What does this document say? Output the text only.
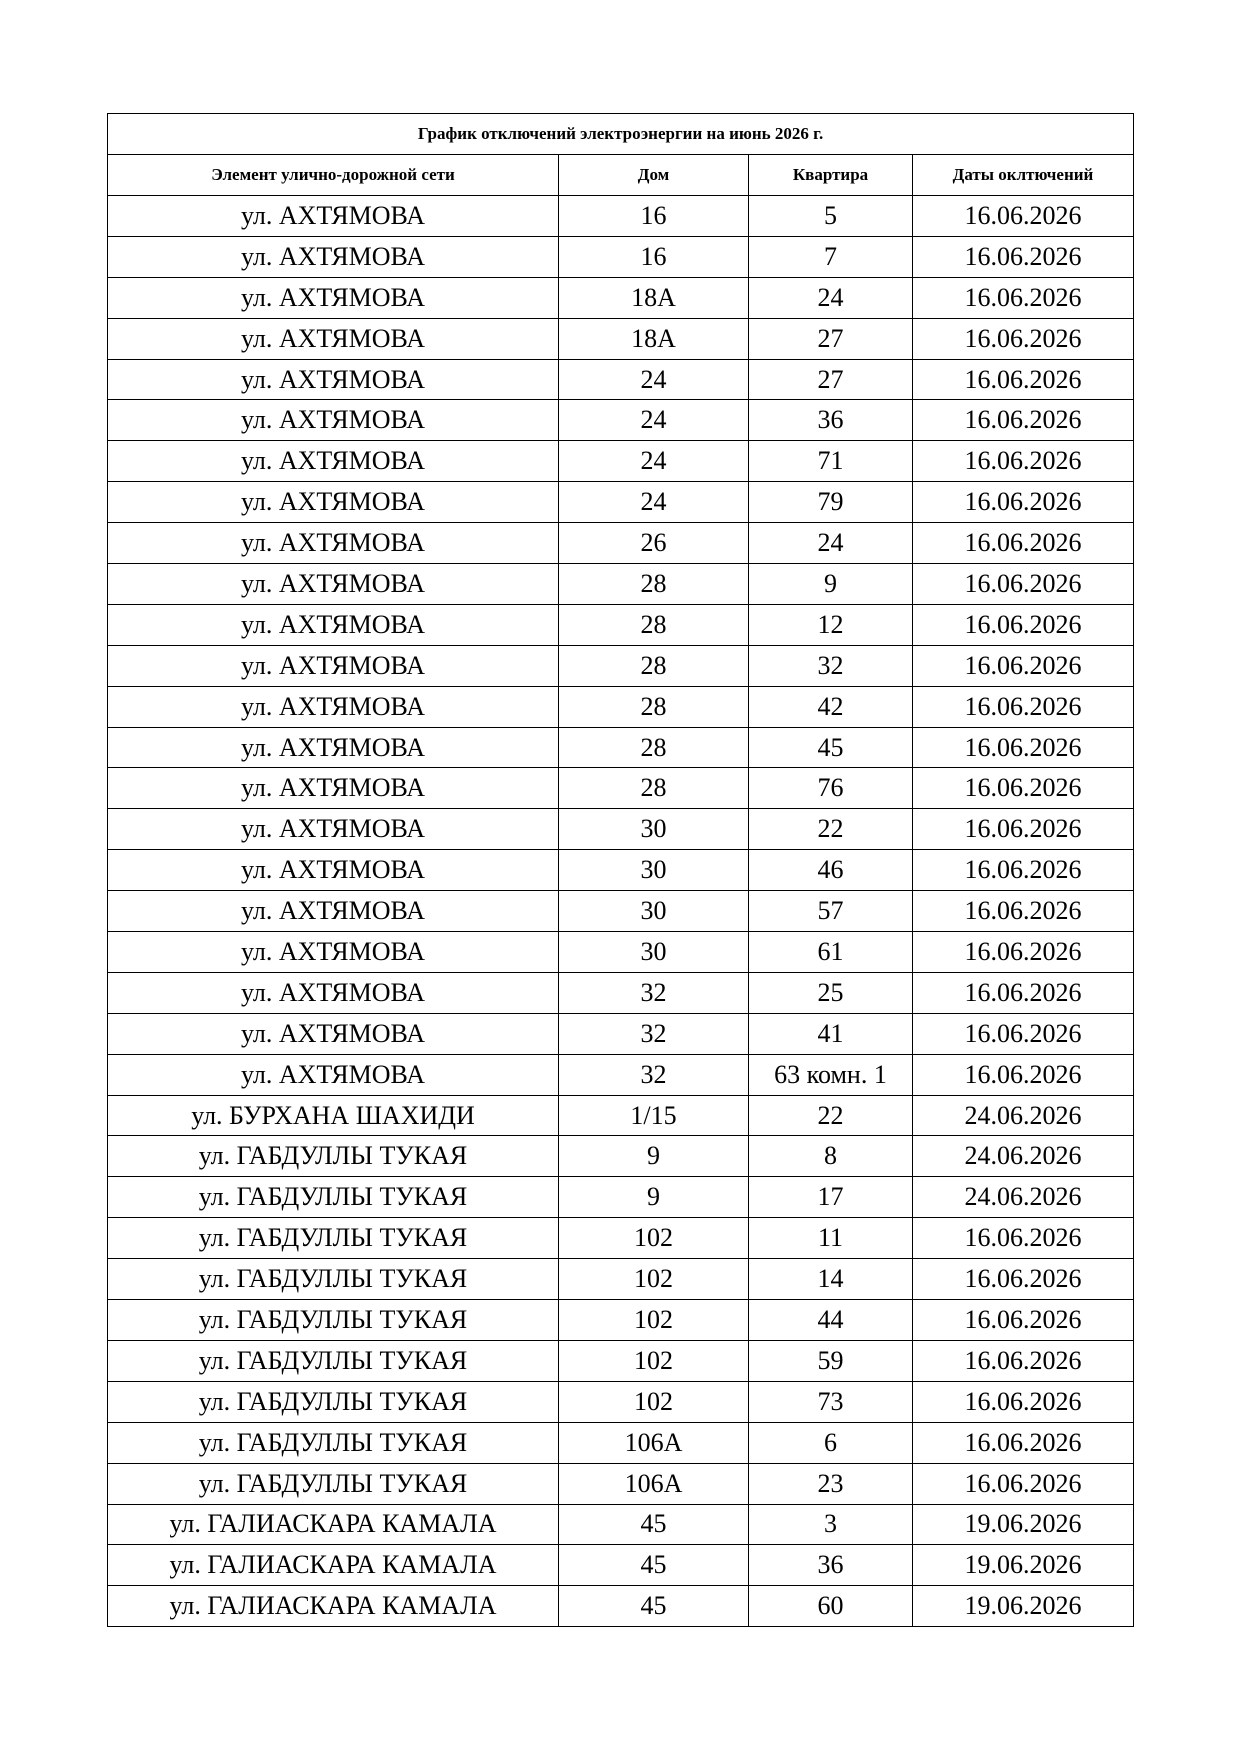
График отключений электроэнергии на июнь 2026 г.			
Элемент улично-дорожной сети	Дом	Квартира	Даты оклтючений
ул. АХТЯМОВА	16	5	16.06.2026
ул. АХТЯМОВА	16	7	16.06.2026
ул. АХТЯМОВА	18А	24	16.06.2026
ул. АХТЯМОВА	18А	27	16.06.2026
ул. АХТЯМОВА	24	27	16.06.2026
ул. АХТЯМОВА	24	36	16.06.2026
ул. АХТЯМОВА	24	71	16.06.2026
ул. АХТЯМОВА	24	79	16.06.2026
ул. АХТЯМОВА	26	24	16.06.2026
ул. АХТЯМОВА	28	9	16.06.2026
ул. АХТЯМОВА	28	12	16.06.2026
ул. АХТЯМОВА	28	32	16.06.2026
ул. АХТЯМОВА	28	42	16.06.2026
ул. АХТЯМОВА	28	45	16.06.2026
ул. АХТЯМОВА	28	76	16.06.2026
ул. АХТЯМОВА	30	22	16.06.2026
ул. АХТЯМОВА	30	46	16.06.2026
ул. АХТЯМОВА	30	57	16.06.2026
ул. АХТЯМОВА	30	61	16.06.2026
ул. АХТЯМОВА	32	25	16.06.2026
ул. АХТЯМОВА	32	41	16.06.2026
ул. АХТЯМОВА	32	63 комн. 1	16.06.2026
ул. БУРХАНА ШАХИДИ	1/15	22	24.06.2026
ул. ГАБДУЛЛЫ ТУКАЯ	9	8	24.06.2026
ул. ГАБДУЛЛЫ ТУКАЯ	9	17	24.06.2026
ул. ГАБДУЛЛЫ ТУКАЯ	102	11	16.06.2026
ул. ГАБДУЛЛЫ ТУКАЯ	102	14	16.06.2026
ул. ГАБДУЛЛЫ ТУКАЯ	102	44	16.06.2026
ул. ГАБДУЛЛЫ ТУКАЯ	102	59	16.06.2026
ул. ГАБДУЛЛЫ ТУКАЯ	102	73	16.06.2026
ул. ГАБДУЛЛЫ ТУКАЯ	106А	6	16.06.2026
ул. ГАБДУЛЛЫ ТУКАЯ	106А	23	16.06.2026
ул. ГАЛИАСКАРА КАМАЛА	45	3	19.06.2026
ул. ГАЛИАСКАРА КАМАЛА	45	36	19.06.2026
ул. ГАЛИАСКАРА КАМАЛА	45	60	19.06.2026
